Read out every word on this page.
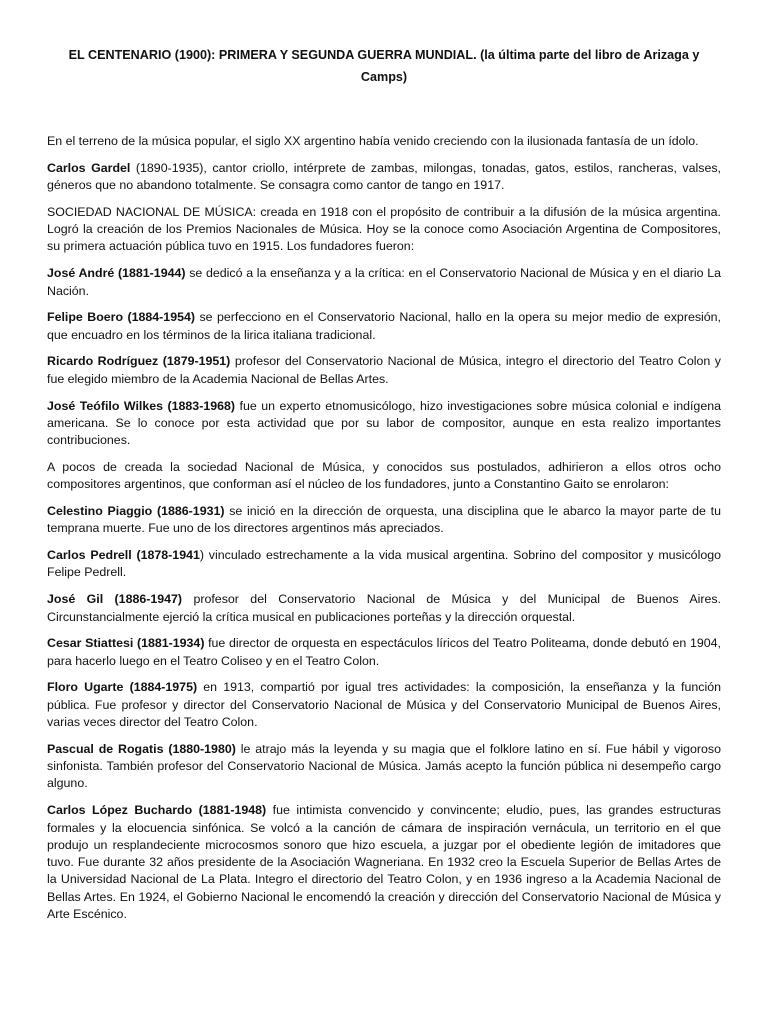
EL CENTENARIO (1900): PRIMERA Y SEGUNDA GUERRA MUNDIAL. (la última parte del libro de Arizaga y Camps)
En el terreno de la música popular, el siglo XX argentino había venido creciendo con la ilusionada fantasía de un ídolo.
Carlos Gardel (1890-1935), cantor criollo, intérprete de zambas, milongas, tonadas, gatos, estilos, rancheras, valses, géneros que no abandono totalmente. Se consagra como cantor de tango en 1917.
SOCIEDAD NACIONAL DE MÚSICA: creada en 1918 con el propósito de contribuir a la difusión de la música argentina. Logró la creación de los Premios Nacionales de Música. Hoy se la conoce como Asociación Argentina de Compositores, su primera actuación pública tuvo en 1915. Los fundadores fueron:
José André (1881-1944) se dedicó a la enseñanza y a la crítica: en el Conservatorio Nacional de Música y en el diario La Nación.
Felipe Boero (1884-1954) se perfecciono en el Conservatorio Nacional, hallo en la opera su mejor medio de expresión, que encuadro en los términos de la lirica italiana tradicional.
Ricardo Rodríguez (1879-1951) profesor del Conservatorio Nacional de Música, integro el directorio del Teatro Colon y fue elegido miembro de la Academia Nacional de Bellas Artes.
José Teófilo Wilkes (1883-1968) fue un experto etnomusicólogo, hizo investigaciones sobre música colonial e indígena americana. Se lo conoce por esta actividad que por su labor de compositor, aunque en esta realizo importantes contribuciones.
A pocos de creada la sociedad Nacional de Música, y conocidos sus postulados, adhirieron a ellos otros ocho compositores argentinos, que conforman así el núcleo de los fundadores, junto a Constantino Gaito se enrolaron:
Celestino Piaggio (1886-1931) se inició en la dirección de orquesta, una disciplina que le abarco la mayor parte de tu temprana muerte. Fue uno de los directores argentinos más apreciados.
Carlos Pedrell (1878-1941) vinculado estrechamente a la vida musical argentina. Sobrino del compositor y musicólogo Felipe Pedrell.
José Gil (1886-1947) profesor del Conservatorio Nacional de Música y del Municipal de Buenos Aires. Circunstancialmente ejerció la crítica musical en publicaciones porteñas y la dirección orquestal.
Cesar Stiattesi (1881-1934) fue director de orquesta en espectáculos líricos del Teatro Politeama, donde debutó en 1904, para hacerlo luego en el Teatro Coliseo y en el Teatro Colon.
Floro Ugarte (1884-1975) en 1913, compartió por igual tres actividades: la composición, la enseñanza y la función pública. Fue profesor y director del Conservatorio Nacional de Música y del Conservatorio Municipal de Buenos Aires, varias veces director del Teatro Colon.
Pascual de Rogatis (1880-1980) le atrajo más la leyenda y su magia que el folklore latino en sí. Fue hábil y vigoroso sinfonista. También profesor del Conservatorio Nacional de Música. Jamás acepto la función pública ni desempeño cargo alguno.
Carlos López Buchardo (1881-1948) fue intimista convencido y convincente; eludio, pues, las grandes estructuras formales y la elocuencia sinfónica. Se volcó a la canción de cámara de inspiración vernácula, un territorio en el que produjo un resplandeciente microcosmos sonoro que hizo escuela, a juzgar por el obediente legión de imitadores que tuvo. Fue durante 32 años presidente de la Asociación Wagneriana. En 1932 creo la Escuela Superior de Bellas Artes de la Universidad Nacional de La Plata. Integro el directorio del Teatro Colon, y en 1936 ingreso a la Academia Nacional de Bellas Artes. En 1924, el Gobierno Nacional le encomendó la creación y dirección del Conservatorio Nacional de Música y Arte Escénico.
